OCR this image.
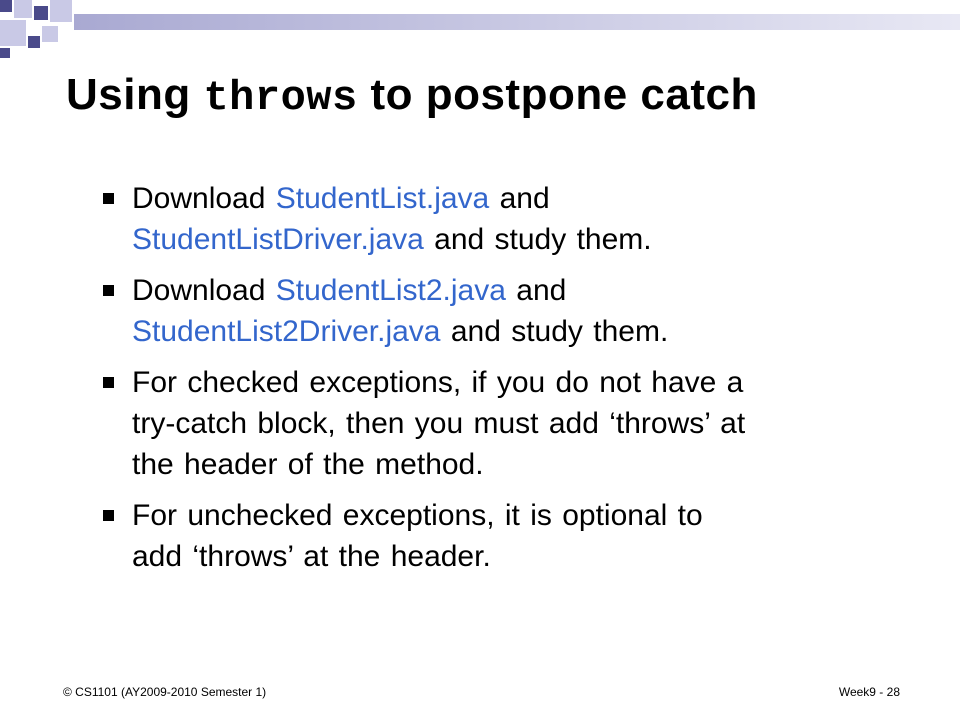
Using throws to postpone catch
Download StudentList.java and
StudentListDriver.java and study them.
Download StudentList2.java and
StudentList2Driver.java and study them.
For checked exceptions, if you do not have a
try-catch block, then you must add ‘throws’ at
the header of the method.
For unchecked exceptions, it is optional to
add ‘throws’ at the header.
© CS1101 (AY2009-2010 Semester 1)	Week9 - 28
